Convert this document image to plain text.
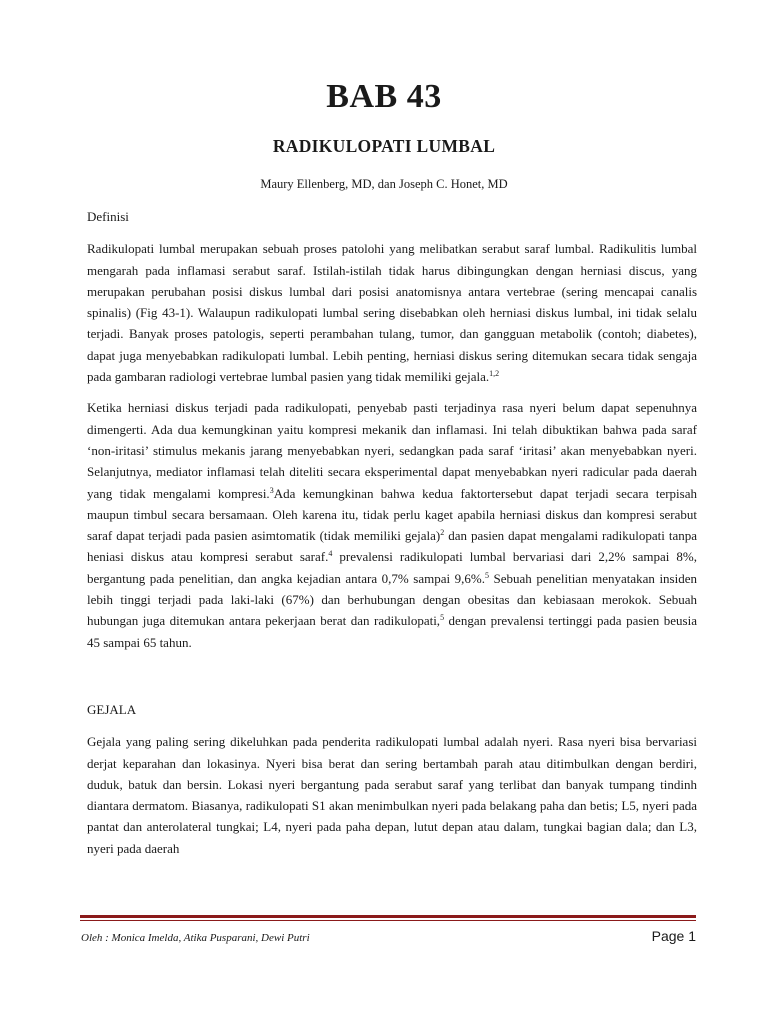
BAB 43
RADIKULOPATI LUMBAL
Maury Ellenberg, MD, dan Joseph C. Honet, MD

Definisi

Radikulopati lumbal merupakan sebuah proses patolohi yang melibatkan serabut saraf lumbal. Radikulitis lumbal mengarah pada inflamasi serabut saraf. Istilah-istilah tidak harus dibingungkan dengan herniasi discus, yang merupakan perubahan posisi diskus lumbal dari posisi anatomisnya antara vertebrae (sering mencapai canalis spinalis) (Fig 43-1). Walaupun radikulopati lumbal sering disebabkan oleh herniasi diskus lumbal, ini tidak selalu terjadi. Banyak proses patologis, seperti perambahan tulang, tumor, dan gangguan metabolik (contoh; diabetes), dapat juga menyebabkan radikulopati lumbal. Lebih penting, herniasi diskus sering ditemukan secara tidak sengaja pada gambaran radiologi vertebrae lumbal pasien yang tidak memiliki gejala.$^{1,2}$

Ketika herniasi diskus terjadi pada radikulopati, penyebab pasti terjadinya rasa nyeri belum dapat sepenuhnya dimengerti. Ada dua kemungkinan yaitu kompresi mekanik dan inflamasi. Ini telah dibuktikan bahwa pada saraf ‘non-iritasi’ stimulus mekanis jarang menyebabkan nyeri, sedangkan pada saraf ‘iritasi’ akan menyebabkan nyeri. Selanjutnya, mediator inflamasi telah diteliti secara eksperimental dapat menyebabkan nyeri radicular pada daerah yang tidak mengalami kompresi.$^3$Ada kemungkinan bahwa kedua faktortersebut dapat terjadi secara terpisah maupun timbul secara bersamaan. Oleh karena itu, tidak perlu kaget apabila herniasi diskus dan kompresi serabut saraf dapat terjadi pada pasien asimtomatik (tidak memiliki gejala)$^2$ dan pasien dapat mengalami radikulopati tanpa heniasi diskus atau kompresi serabut saraf.$^4$ prevalensi radikulopati lumbal bervariasi dari 2,2% sampai 8%, bergantung pada penelitian, dan angka kejadian antara 0,7% sampai 9,6%.$^5$ Sebuah penelitian menyatakan insiden lebih tinggi terjadi pada laki-laki (67%) dan berhubungan dengan obesitas dan kebiasaan merokok. Sebuah hubungan juga ditemukan antara pekerjaan berat dan radikulopati,$^5$ dengan prevalensi tertinggi pada pasien beusia 45 sampai 65 tahun.

GEJALA

Gejala yang paling sering dikeluhkan pada penderita radikulopati lumbal adalah nyeri. Rasa nyeri bisa bervariasi derjat keparahan dan lokasinya. Nyeri bisa berat dan sering bertambah parah atau ditimbulkan dengan berdiri, duduk, batuk dan bersin. Lokasi nyeri bergantung pada serabut saraf yang terlibat dan banyak tumpang tindinh diantara dermatom. Biasanya, radikulopati S1 akan menimbulkan nyeri pada belakang paha dan betis; L5, nyeri pada pantat dan anterolateral tungkai; L4, nyeri pada paha depan, lutut depan atau dalam, tungkai bagian dala; dan L3, nyeri pada daerah

Oleh : Monica Imelda, Atika Pusparani, Dewi Putri	Page 1
